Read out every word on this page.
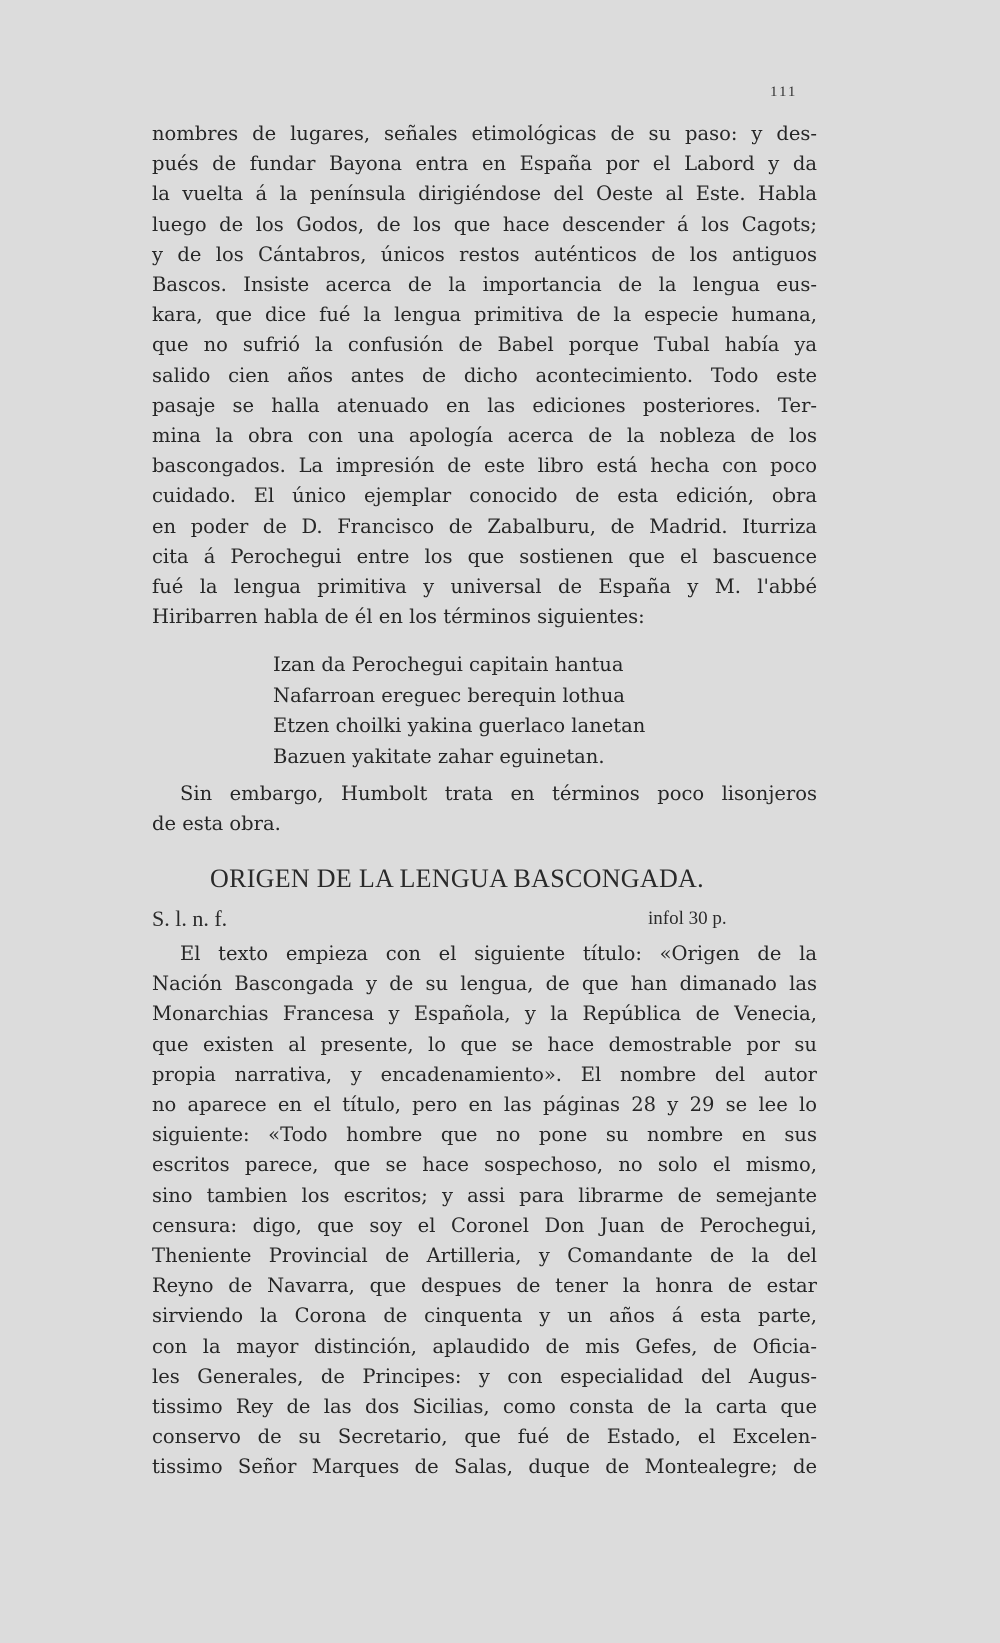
111
nombres de lugares, señales etimológicas de su paso: y des-
pués de fundar Bayona entra en España por el Labord y da
la vuelta á la península dirigiéndose del Oeste al Este. Habla
luego de los Godos, de los que hace descender á los Cagots;
y de los Cántabros, únicos restos auténticos de los antiguos
Bascos. Insiste acerca de la importancia de la lengua eus-
kara, que dice fué la lengua primitiva de la especie humana,
que no sufrió la confusión de Babel porque Tubal había ya
salido cien años antes de dicho acontecimiento. Todo este
pasaje se halla atenuado en las ediciones posteriores. Ter-
mina la obra con una apología acerca de la nobleza de los
bascongados. La impresión de este libro está hecha con poco
cuidado. El único ejemplar conocido de esta edición, obra
en poder de D. Francisco de Zabalburu, de Madrid. Iturriza
cita á Perochegui entre los que sostienen que el bascuence
fué la lengua primitiva y universal de España y M. l'abbé
Hiribarren habla de él en los términos siguientes:
Izan da Perochegui capitain hantua
Nafarroan ereguec berequin lothua
Etzen choilki yakina guerlaco lanetan
Bazuen yakitate zahar eguinetan.
Sin embargo, Humbolt trata en términos poco lisonjeros
de esta obra.
ORIGEN DE LA LENGUA BASCONGADA.
S. l. n. f.	infol 30 p.
El texto empieza con el siguiente título: «Origen de la
Nación Bascongada y de su lengua, de que han dimanado las
Monarchias Francesa y Española, y la República de Venecia,
que existen al presente, lo que se hace demostrable por su
propia narrativa, y encadenamiento». El nombre del autor
no aparece en el título, pero en las páginas 28 y 29 se lee lo
siguiente: «Todo hombre que no pone su nombre en sus
escritos parece, que se hace sospechoso, no solo el mismo,
sino tambien los escritos; y assi para librarme de semejante
censura: digo, que soy el Coronel Don Juan de Perochegui,
Theniente Provincial de Artilleria, y Comandante de la del
Reyno de Navarra, que despues de tener la honra de estar
sirviendo la Corona de cinquenta y un años á esta parte,
con la mayor distinción, aplaudido de mis Gefes, de Oficia-
les Generales, de Principes: y con especialidad del Augus-
tissimo Rey de las dos Sicilias, como consta de la carta que
conservo de su Secretario, que fué de Estado, el Excelen-
tissimo Señor Marques de Salas, duque de Montealegre; de
